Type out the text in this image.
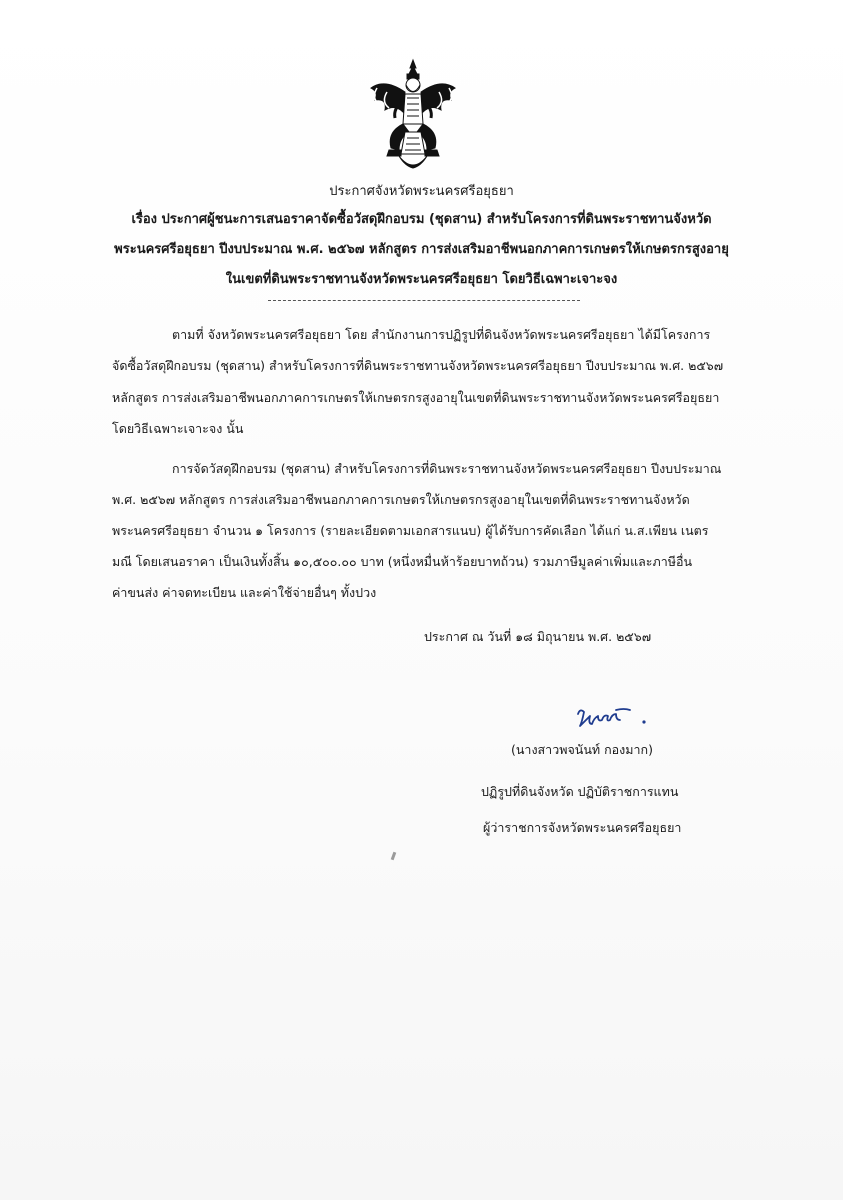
ประกาศจังหวัดพระนครศรีอยุธยา
เรื่อง ประกาศผู้ชนะการเสนอราคาจัดซื้อวัสดุฝึกอบรม (ชุดสาน) สำหรับโครงการที่ดินพระราชทานจังหวัด
พระนครศรีอยุธยา ปีงบประมาณ พ.ศ. ๒๕๖๗ หลักสูตร การส่งเสริมอาชีพนอกภาคการเกษตรให้เกษตรกรสูงอายุ
ในเขตที่ดินพระราชทานจังหวัดพระนครศรีอยุธยา โดยวิธีเฉพาะเจาะจง
ตามที่ จังหวัดพระนครศรีอยุธยา โดย สำนักงานการปฏิรูปที่ดินจังหวัดพระนครศรีอยุธยา ได้มีโครงการ
จัดซื้อวัสดุฝึกอบรม (ชุดสาน) สำหรับโครงการที่ดินพระราชทานจังหวัดพระนครศรีอยุธยา ปีงบประมาณ พ.ศ. ๒๕๖๗
หลักสูตร การส่งเสริมอาชีพนอกภาคการเกษตรให้เกษตรกรสูงอายุในเขตที่ดินพระราชทานจังหวัดพระนครศรีอยุธยา
โดยวิธีเฉพาะเจาะจง นั้น
การจัดวัสดุฝึกอบรม (ชุดสาน) สำหรับโครงการที่ดินพระราชทานจังหวัดพระนครศรีอยุธยา ปีงบประมาณ
พ.ศ. ๒๕๖๗ หลักสูตร การส่งเสริมอาชีพนอกภาคการเกษตรให้เกษตรกรสูงอายุในเขตที่ดินพระราชทานจังหวัด
พระนครศรีอยุธยา จำนวน ๑ โครงการ (รายละเอียดตามเอกสารแนบ) ผู้ได้รับการคัดเลือก ได้แก่ น.ส.เพียน เนตร
มณี โดยเสนอราคา เป็นเงินทั้งสิ้น ๑๐,๕๐๐.๐๐ บาท (หนึ่งหมื่นห้าร้อยบาทถ้วน) รวมภาษีมูลค่าเพิ่มและภาษีอื่น
ค่าขนส่ง ค่าจดทะเบียน และค่าใช้จ่ายอื่นๆ ทั้งปวง
ประกาศ ณ วันที่ ๑๘ มิถุนายน พ.ศ. ๒๕๖๗
(นางสาวพจนันท์ กองมาก)
ปฏิรูปที่ดินจังหวัด ปฏิบัติราชการแทน
ผู้ว่าราชการจังหวัดพระนครศรีอยุธยา
